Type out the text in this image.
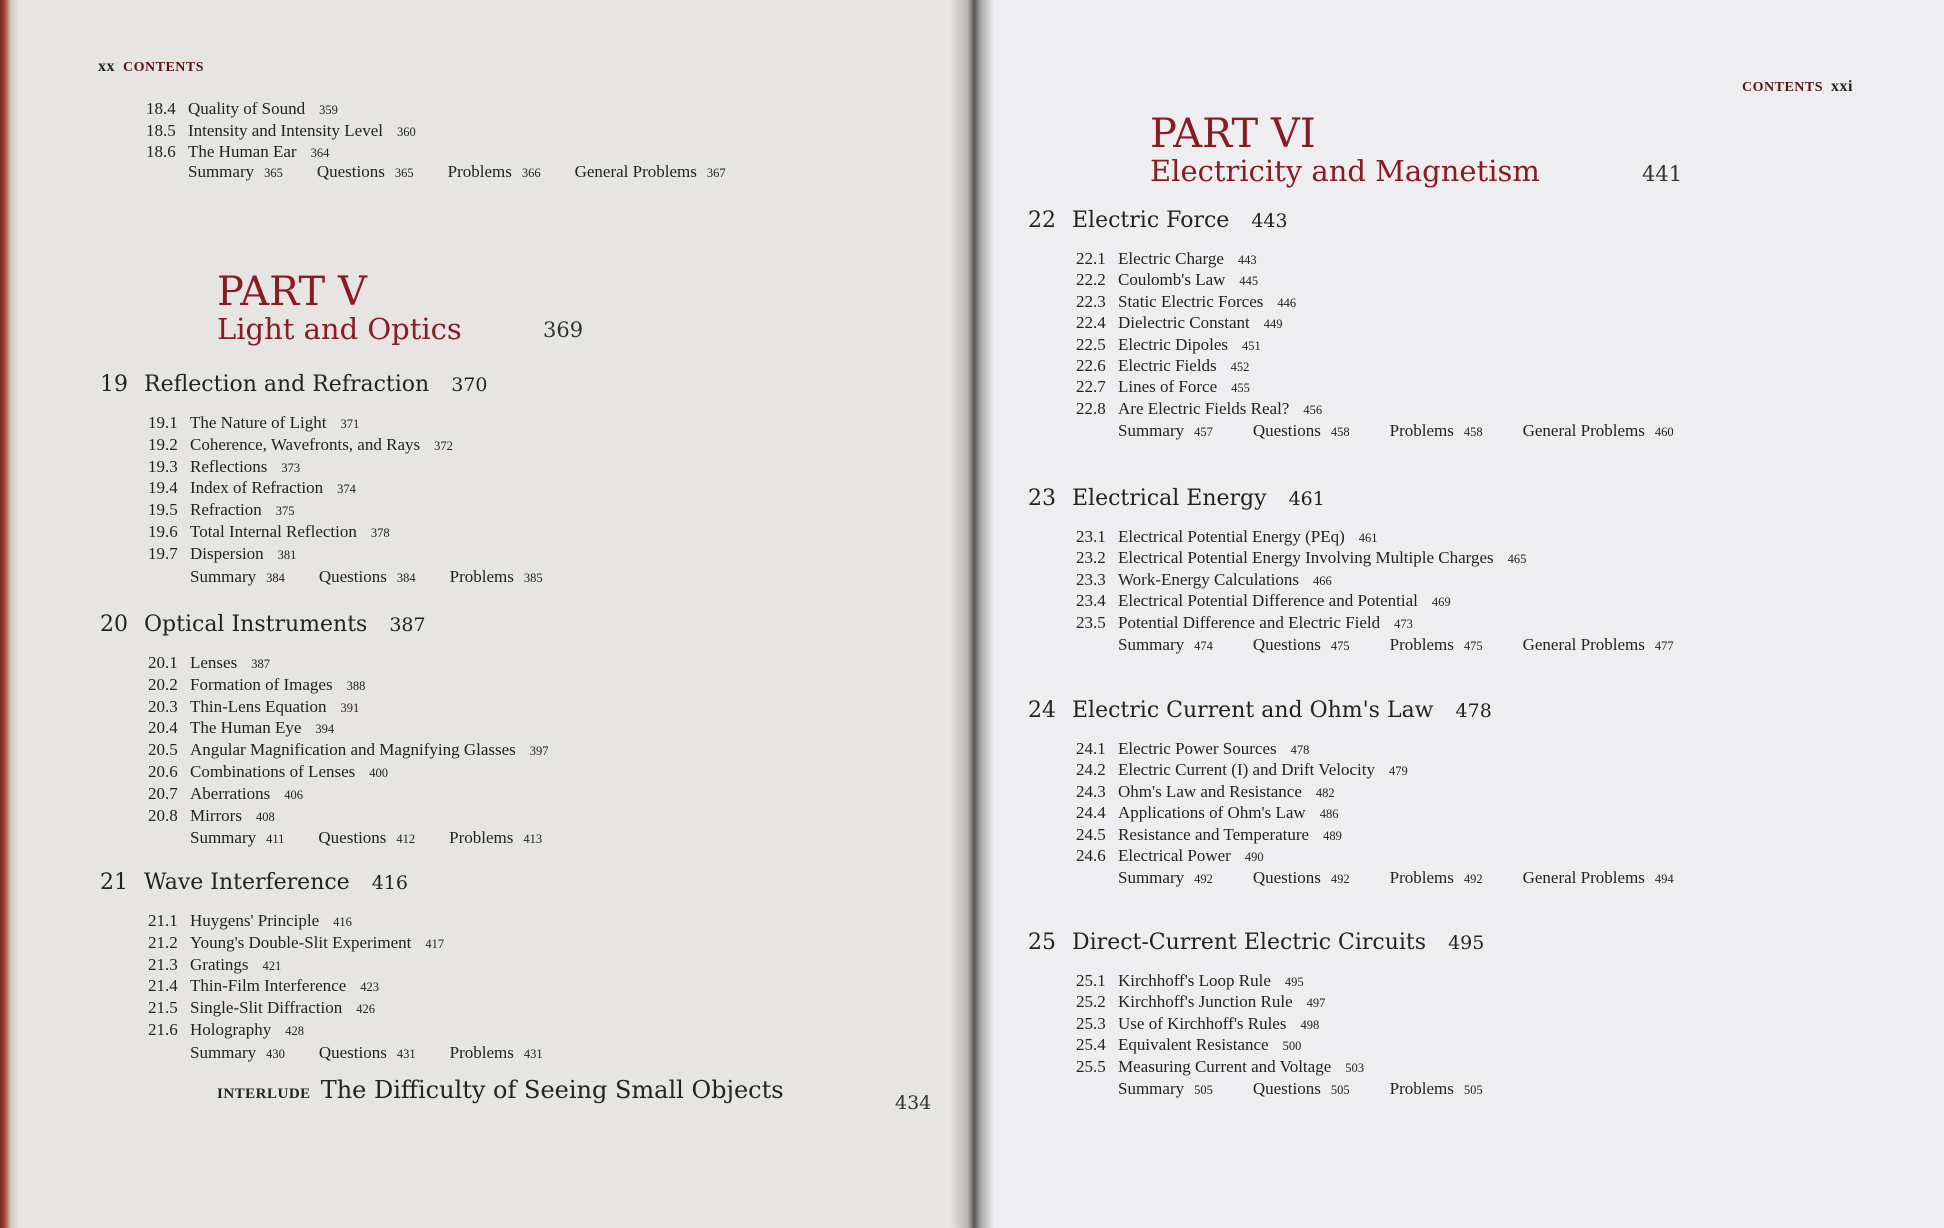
xx CONTENTS
PART V
Light and Optics	369
INTERLUDE The Difficulty of Seeing Small Objects	434
CONTENTS xxi
PART VI
Electricity and Magnetism	441
18.4 Quality of Sound 359
18.5 Intensity and Intensity Level 360
18.6 The Human Ear 364
Summary 365 Questions 365 Problems 366 General Problems 367
19 Reflection and Refraction 370
19.1 The Nature of Light 371
19.2 Coherence, Wavefronts, and Rays 372
19.3 Reflections 373
19.4 Index of Refraction 374
19.5 Refraction 375
19.6 Total Internal Reflection 378
19.7 Dispersion 381
Summary 384 Questions 384 Problems 385
20 Optical Instruments 387
20.1 Lenses 387
20.2 Formation of Images 388
20.3 Thin-Lens Equation 391
20.4 The Human Eye 394
20.5 Angular Magnification and Magnifying Glasses 397
20.6 Combinations of Lenses 400
20.7 Aberrations 406
20.8 Mirrors 408
Summary 411 Questions 412 Problems 413
21 Wave Interference 416
21.1 Huygens' Principle 416
21.2 Young's Double-Slit Experiment 417
21.3 Gratings 421
21.4 Thin-Film Interference 423
21.5 Single-Slit Diffraction 426
21.6 Holography 428
Summary 430 Questions 431 Problems 431
22 Electric Force 443
22.1 Electric Charge 443
22.2 Coulomb's Law 445
22.3 Static Electric Forces 446
22.4 Dielectric Constant 449
22.5 Electric Dipoles 451
22.6 Electric Fields 452
22.7 Lines of Force 455
22.8 Are Electric Fields Real? 456
Summary 457 Questions 458 Problems 458 General Problems 460
23 Electrical Energy 461
23.1 Electrical Potential Energy (PEq) 461
23.2 Electrical Potential Energy Involving Multiple Charges 465
23.3 Work-Energy Calculations 466
23.4 Electrical Potential Difference and Potential 469
23.5 Potential Difference and Electric Field 473
Summary 474 Questions 475 Problems 475 General Problems 477
24 Electric Current and Ohm's Law 478
24.1 Electric Power Sources 478
24.2 Electric Current (I) and Drift Velocity 479
24.3 Ohm's Law and Resistance 482
24.4 Applications of Ohm's Law 486
24.5 Resistance and Temperature 489
24.6 Electrical Power 490
Summary 492 Questions 492 Problems 492 General Problems 494
25 Direct-Current Electric Circuits 495
25.1 Kirchhoff's Loop Rule 495
25.2 Kirchhoff's Junction Rule 497
25.3 Use of Kirchhoff's Rules 498
25.4 Equivalent Resistance 500
25.5 Measuring Current and Voltage 503
Summary 505 Questions 505 Problems 505
